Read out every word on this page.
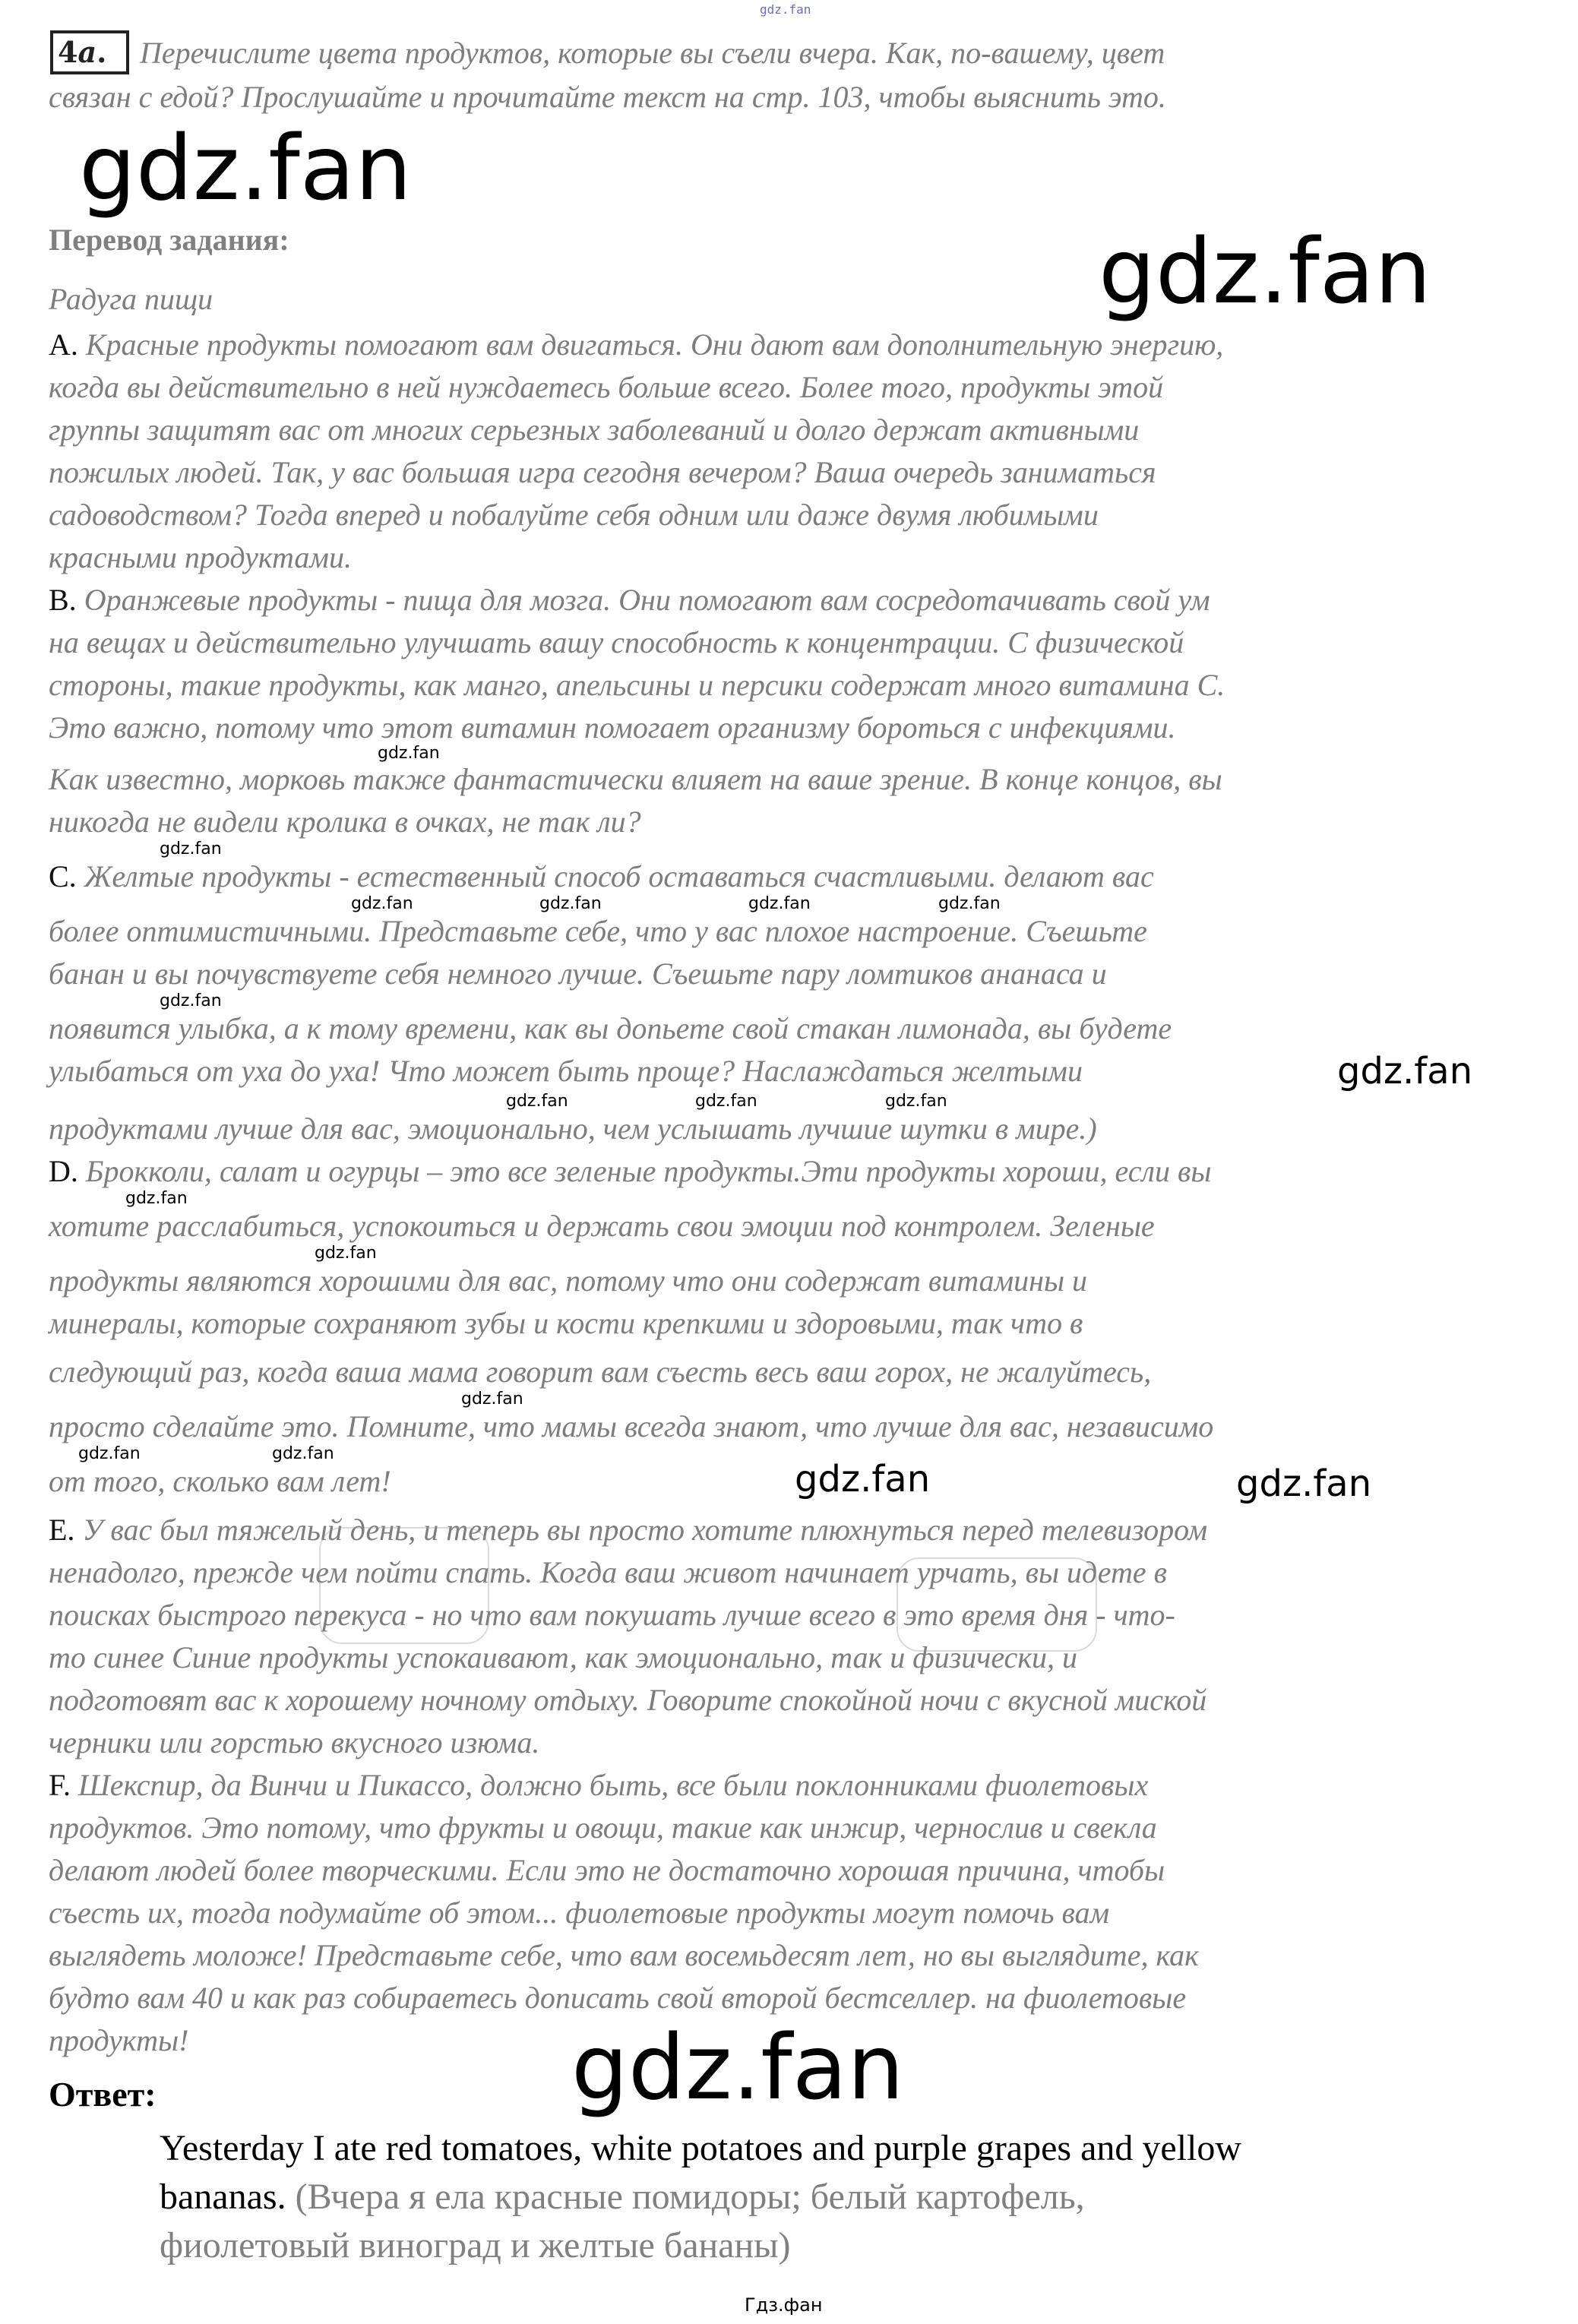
gdz.fan
4a. Перечислите цвета продуктов, которые вы съели вчера. Как, по-вашему, цвет
связан с едой? Прослушайте и прочитайте текст на стр. 103, чтобы выяснить это.
gdz.fan
Перевод задания:	gdz.fan
Радуга пищи
A. Красные продукты помогают вам двигаться. Они дают вам дополнительную энергию,
когда вы действительно в ней нуждаетесь больше всего. Более того, продукты этой
группы защитят вас от многих серьезных заболеваний и долго держат активными
пожилых людей. Так, у вас большая игра сегодня вечером? Ваша очередь заниматься
садоводством? Тогда вперед и побалуйте себя одним или даже двумя любимыми
красными продуктами.
B. Оранжевые продукты - пища для мозга. Они помогают вам сосредотачивать свой ум
на вещах и действительно улучшать вашу способность к концентрации. С физической
стороны, такие продукты, как манго, апельсины и персики содержат много витамина С.
Это важно, потому что этот витамин помогает организму бороться с инфекциями.
gdz.fan
Как известно, морковь также фантастически влияет на ваше зрение. В конце концов, вы
никогда не видели кролика в очках, не так ли?
gdz.fan
C. Желтые продукты - естественный способ оставаться счастливыми. делают вас
gdz.fan	gdz.fan	gdz.fan	gdz.fan
более оптимистичными. Представьте себе, что у вас плохое настроение. Съешьте
банан и вы почувствуете себя немного лучше. Съешьте пару ломтиков ананаса и
gdz.fan
появится улыбка, а к тому времени, как вы допьете свой стакан лимонада, вы будете
улыбаться от уха до уха! Что может быть проще? Наслаждаться желтыми	gdz.fan
gdz.fan	gdz.fan	gdz.fan
продуктами лучше для вас, эмоционально, чем услышать лучшие шутки в мире.)
D. Брокколи, салат и огурцы – это все зеленые продукты.Эти продукты хороши, если вы
gdz.fan
хотите расслабиться, успокоиться и держать свои эмоции под контролем. Зеленые
gdz.fan
продукты являются хорошими для вас, потому что они содержат витамины и
минералы, которые сохраняют зубы и кости крепкими и здоровыми, так что в
следующий раз, когда ваша мама говорит вам съесть весь ваш горох, не жалуйтесь,
gdz.fan
просто сделайте это. Помните, что мамы всегда знают, что лучше для вас, независимо
gdz.fan	gdz.fan
от того, сколько вам лет!	gdz.fan	gdz.fan
E. У вас был тяжелый день, и теперь вы просто хотите плюхнуться перед телевизором
ненадолго, прежде чем пойти спать. Когда ваш живот начинает урчать, вы идете в
поисках быстрого перекуса - но что вам покушать лучше всего в это время дня - что-
то синее Синие продукты успокаивают, как эмоционально, так и физически, и
подготовят вас к хорошему ночному отдыху. Говорите спокойной ночи с вкусной миской
черники или горстью вкусного изюма.
F. Шекспир, да Винчи и Пикассо, должно быть, все были поклонниками фиолетовых
продуктов. Это потому, что фрукты и овощи, такие как инжир, чернослив и свекла
делают людей более творческими. Если это не достаточно хорошая причина, чтобы
съесть их, тогда подумайте об этом... фиолетовые продукты могут помочь вам
выглядеть моложе! Представьте себе, что вам восемьдесят лет, но вы выглядите, как
будто вам 40 и как раз собираетесь дописать свой второй бестселлер. на фиолетовые
продукты!	gdz.fan
Ответ:
Yesterday I ate red tomatoes, white potatoes and purple grapes and yellow
bananas. (Вчера я ела красные помидоры; белый картофель,
фиолетовый виноград и желтые бананы)
Гдз.фан
